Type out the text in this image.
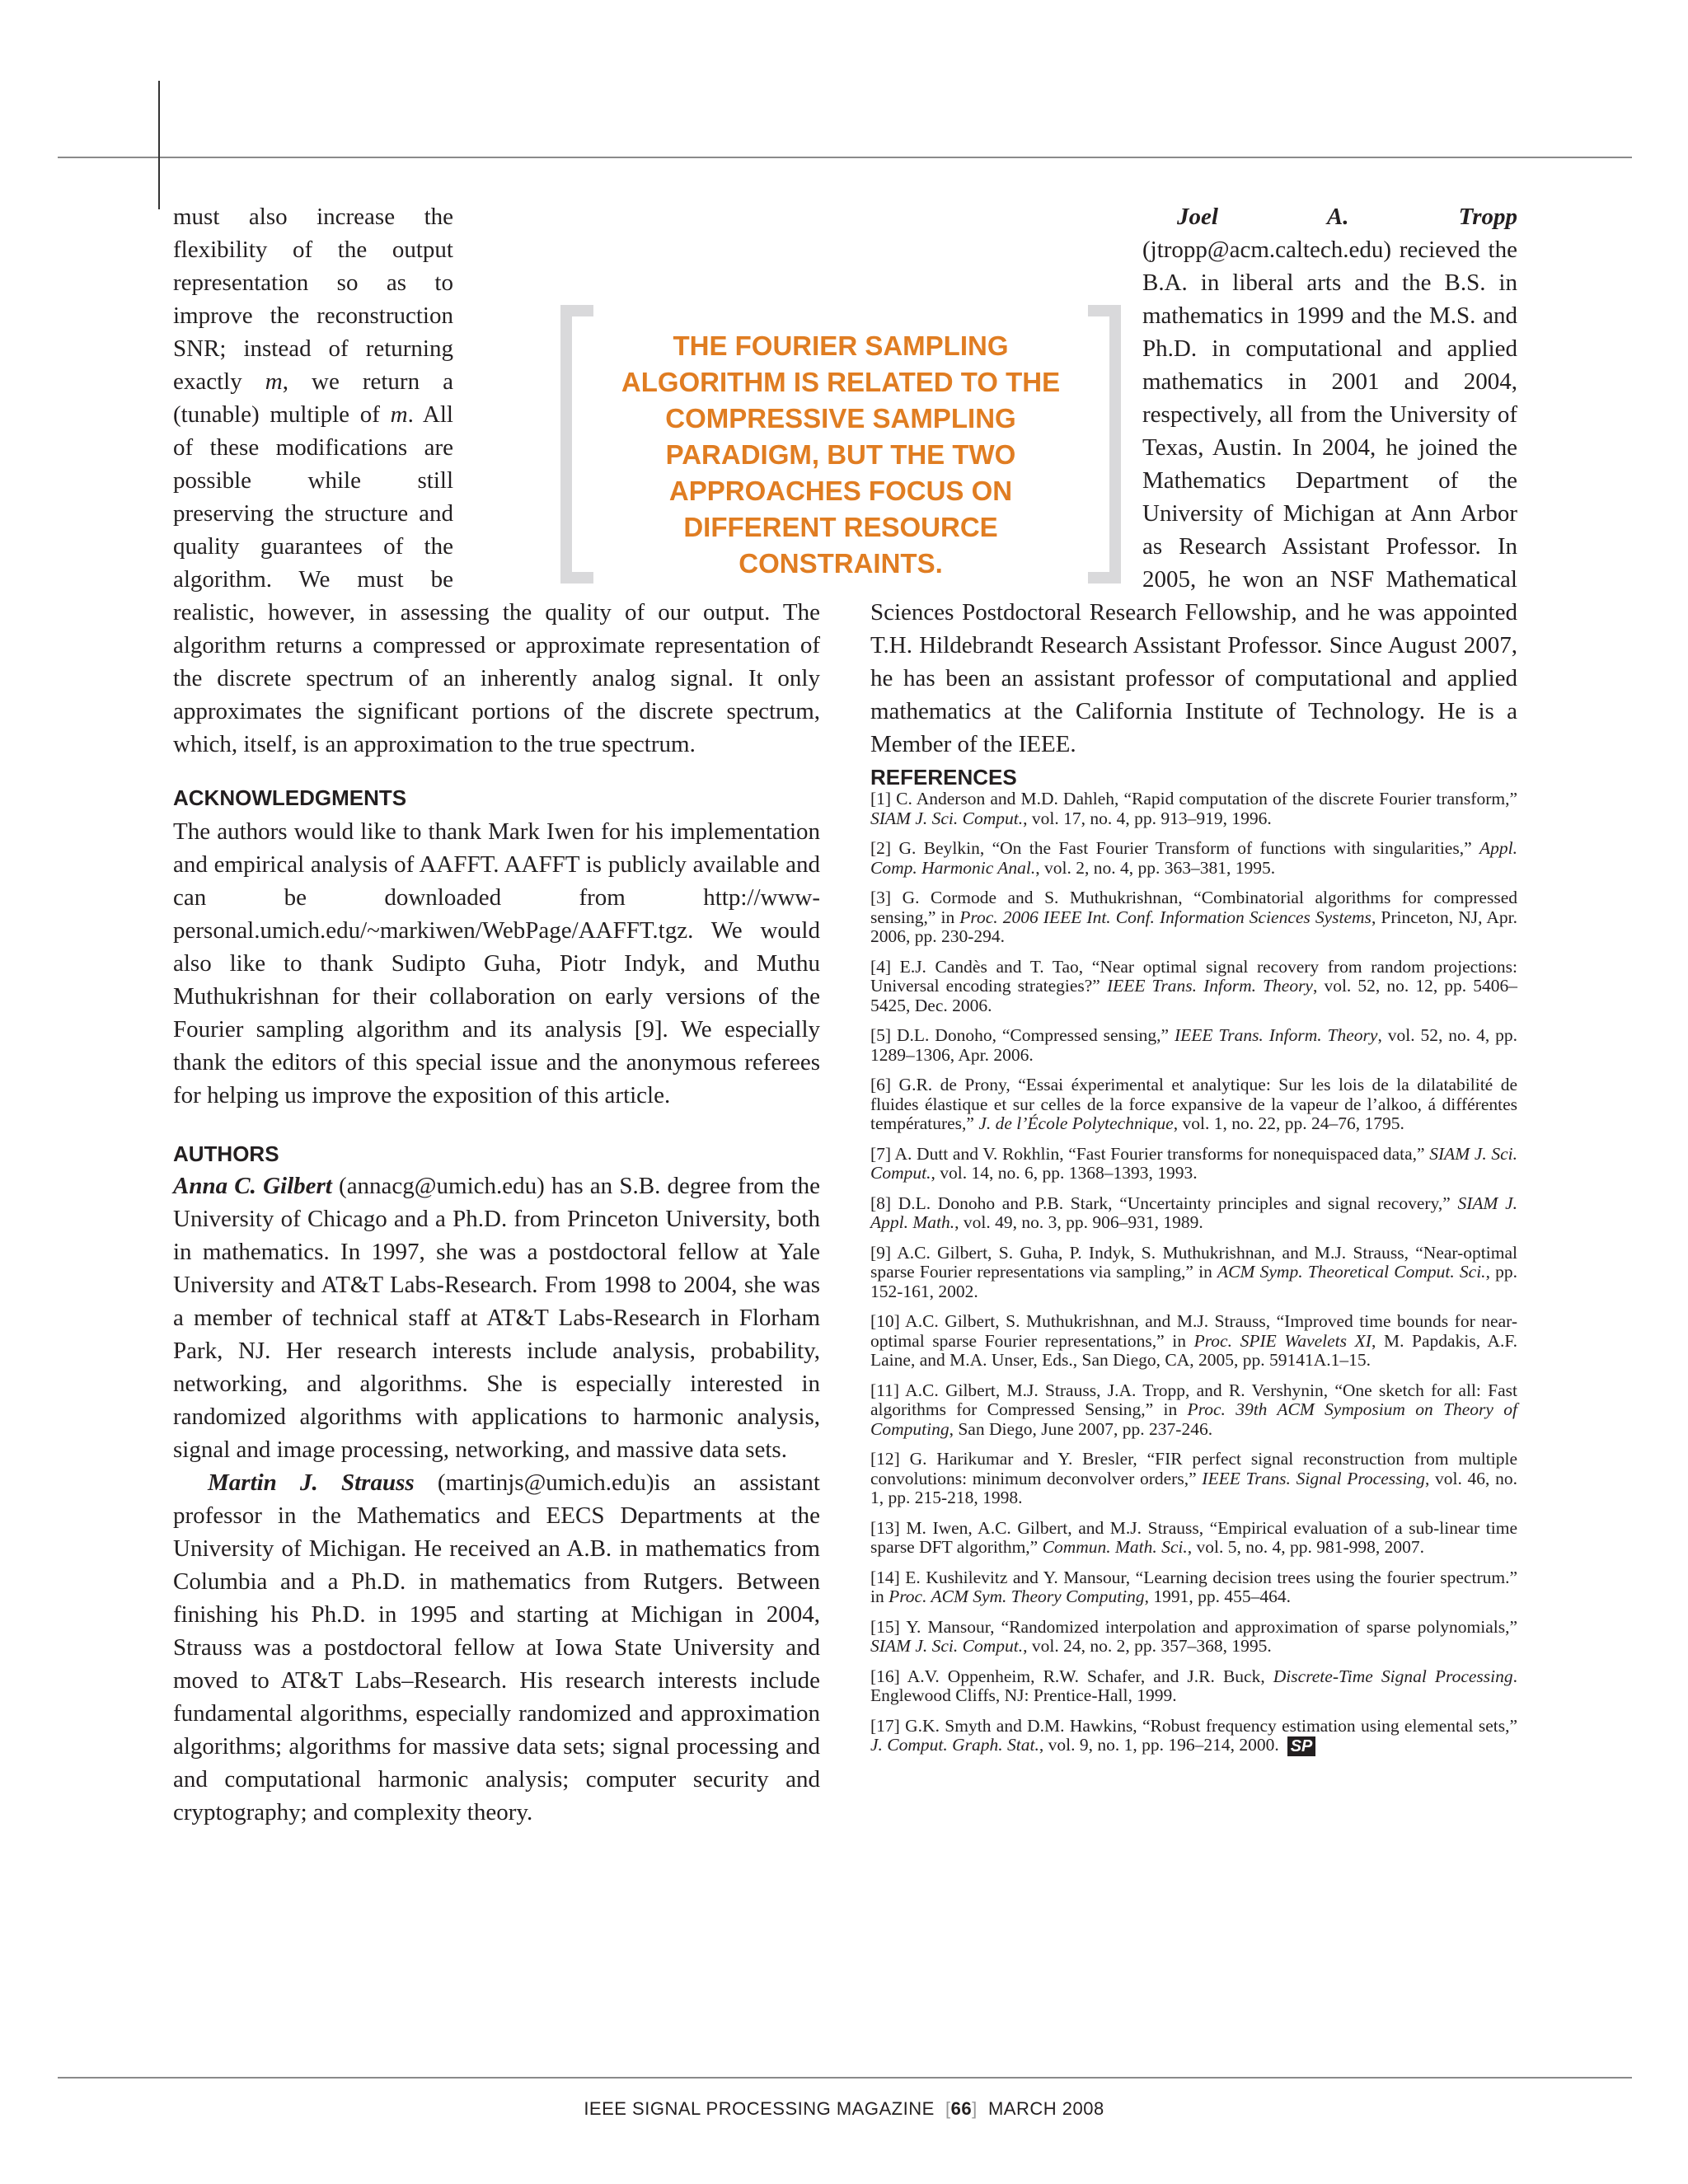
THE FOURIER SAMPLING ALGORITHM IS RELATED TO THE COMPRESSIVE SAMPLING PARADIGM, BUT THE TWO APPROACHES FOCUS ON DIFFERENT RESOURCE CONSTRAINTS.

must also increase the flexibility of the output representation so as to improve the reconstruction SNR; instead of returning exactly m, we return a (tunable) multiple of m. All of these modifications are possible while still preserving the structure and quality guarantees of the algorithm. We must be realistic, however, in assessing the quality of our output. The algorithm returns a compressed or approximate representation of the discrete spectrum of an inherently analog signal. It only approximates the significant portions of the discrete spectrum, which, itself, is an approximation to the true spectrum.

ACKNOWLEDGMENTS

The authors would like to thank Mark Iwen for his implementation and empirical analysis of AAFFT. AAFFT is publicly available and can be downloaded from http://www-personal.umich.edu/~markiwen/WebPage/AAFFT.tgz. We would also like to thank Sudipto Guha, Piotr Indyk, and Muthu Muthukrishnan for their collaboration on early versions of the Fourier sampling algorithm and its analysis [9]. We especially thank the editors of this special issue and the anonymous referees for helping us improve the exposition of this article.

AUTHORS

Anna C. Gilbert (annacg@umich.edu) has an S.B. degree from the University of Chicago and a Ph.D. from Princeton University, both in mathematics. In 1997, she was a postdoctoral fellow at Yale University and AT&T Labs-Research. From 1998 to 2004, she was a member of technical staff at AT&T Labs-Research in Florham Park, NJ. Her research interests include analysis, probability, networking, and algorithms. She is especially interested in randomized algorithms with applications to harmonic analysis, signal and image processing, networking, and massive data sets.

Martin J. Strauss (martinjs@umich.edu)is an assistant professor in the Mathematics and EECS Departments at the University of Michigan. He received an A.B. in mathematics from Columbia and a Ph.D. in mathematics from Rutgers. Between finishing his Ph.D. in 1995 and starting at Michigan in 2004, Strauss was a postdoctoral fellow at Iowa State University and moved to AT&T Labs–Research. His research interests include fundamental algorithms, especially randomized and approximation algorithms; algorithms for massive data sets; signal processing and and computational harmonic analysis; computer security and cryptography; and complexity theory.

Joel A. Tropp (jtropp@acm.caltech.edu) recieved the B.A. in liberal arts and the B.S. in mathematics in 1999 and the M.S. and Ph.D. in computational and applied mathematics in 2001 and 2004, respectively, all from the University of Texas, Austin. In 2004, he joined the Mathematics Department of the University of Michigan at Ann Arbor as Research Assistant Professor. In 2005, he won an NSF Mathematical Sciences Postdoctoral Research Fellowship, and he was appointed T.H. Hildebrandt Research Assistant Professor. Since August 2007, he has been an assistant professor of computational and applied mathematics at the California Institute of Technology. He is a Member of the IEEE.

REFERENCES

[1] C. Anderson and M.D. Dahleh, “Rapid computation of the discrete Fourier transform,” SIAM J. Sci. Comput., vol. 17, no. 4, pp. 913–919, 1996.

[2] G. Beylkin, “On the Fast Fourier Transform of functions with singularities,” Appl. Comp. Harmonic Anal., vol. 2, no. 4, pp. 363–381, 1995.

[3] G. Cormode and S. Muthukrishnan, “Combinatorial algorithms for compressed sensing,” in Proc. 2006 IEEE Int. Conf. Information Sciences Systems, Princeton, NJ, Apr. 2006, pp. 230-294.

[4] E.J. Candès and T. Tao, “Near optimal signal recovery from random projections: Universal encoding strategies?” IEEE Trans. Inform. Theory, vol. 52, no. 12, pp. 5406–5425, Dec. 2006.

[5] D.L. Donoho, “Compressed sensing,” IEEE Trans. Inform. Theory, vol. 52, no. 4, pp. 1289–1306, Apr. 2006.

[6] G.R. de Prony, “Essai éxperimental et analytique: Sur les lois de la dilatabilité de fluides élastique et sur celles de la force expansive de la vapeur de l’alkoo, á différentes températures,” J. de l’École Polytechnique, vol. 1, no. 22, pp. 24–76, 1795.

[7] A. Dutt and V. Rokhlin, “Fast Fourier transforms for nonequispaced data,” SIAM J. Sci. Comput., vol. 14, no. 6, pp. 1368–1393, 1993.

[8] D.L. Donoho and P.B. Stark, “Uncertainty principles and signal recovery,” SIAM J. Appl. Math., vol. 49, no. 3, pp. 906–931, 1989.

[9] A.C. Gilbert, S. Guha, P. Indyk, S. Muthukrishnan, and M.J. Strauss, “Near-optimal sparse Fourier representations via sampling,” in ACM Symp. Theoretical Comput. Sci., pp. 152-161, 2002.

[10] A.C. Gilbert, S. Muthukrishnan, and M.J. Strauss, “Improved time bounds for near-optimal sparse Fourier representations,” in Proc. SPIE Wavelets XI, M. Papdakis, A.F. Laine, and M.A. Unser, Eds., San Diego, CA, 2005, pp. 59141A.1–15.

[11] A.C. Gilbert, M.J. Strauss, J.A. Tropp, and R. Vershynin, “One sketch for all: Fast algorithms for Compressed Sensing,” in Proc. 39th ACM Symposium on Theory of Computing, San Diego, June 2007, pp. 237-246.

[12] G. Harikumar and Y. Bresler, “FIR perfect signal reconstruction from multiple convolutions: minimum deconvolver orders,” IEEE Trans. Signal Processing, vol. 46, no. 1, pp. 215-218, 1998.

[13] M. Iwen, A.C. Gilbert, and M.J. Strauss, “Empirical evaluation of a sub-linear time sparse DFT algorithm,” Commun. Math. Sci., vol. 5, no. 4, pp. 981-998, 2007.

[14] E. Kushilevitz and Y. Mansour, “Learning decision trees using the fourier spectrum.” in Proc. ACM Sym. Theory Computing, 1991, pp. 455–464.

[15] Y. Mansour, “Randomized interpolation and approximation of sparse polynomials,” SIAM J. Sci. Comput., vol. 24, no. 2, pp. 357–368, 1995.

[16] A.V. Oppenheim, R.W. Schafer, and J.R. Buck, Discrete-Time Signal Processing. Englewood Cliffs, NJ: Prentice-Hall, 1999.

[17] G.K. Smyth and D.M. Hawkins, “Robust frequency estimation using elemental sets,” J. Comput. Graph. Stat., vol. 9, no. 1, pp. 196–214, 2000. SP

IEEE SIGNAL PROCESSING MAGAZINE [66] MARCH 2008
